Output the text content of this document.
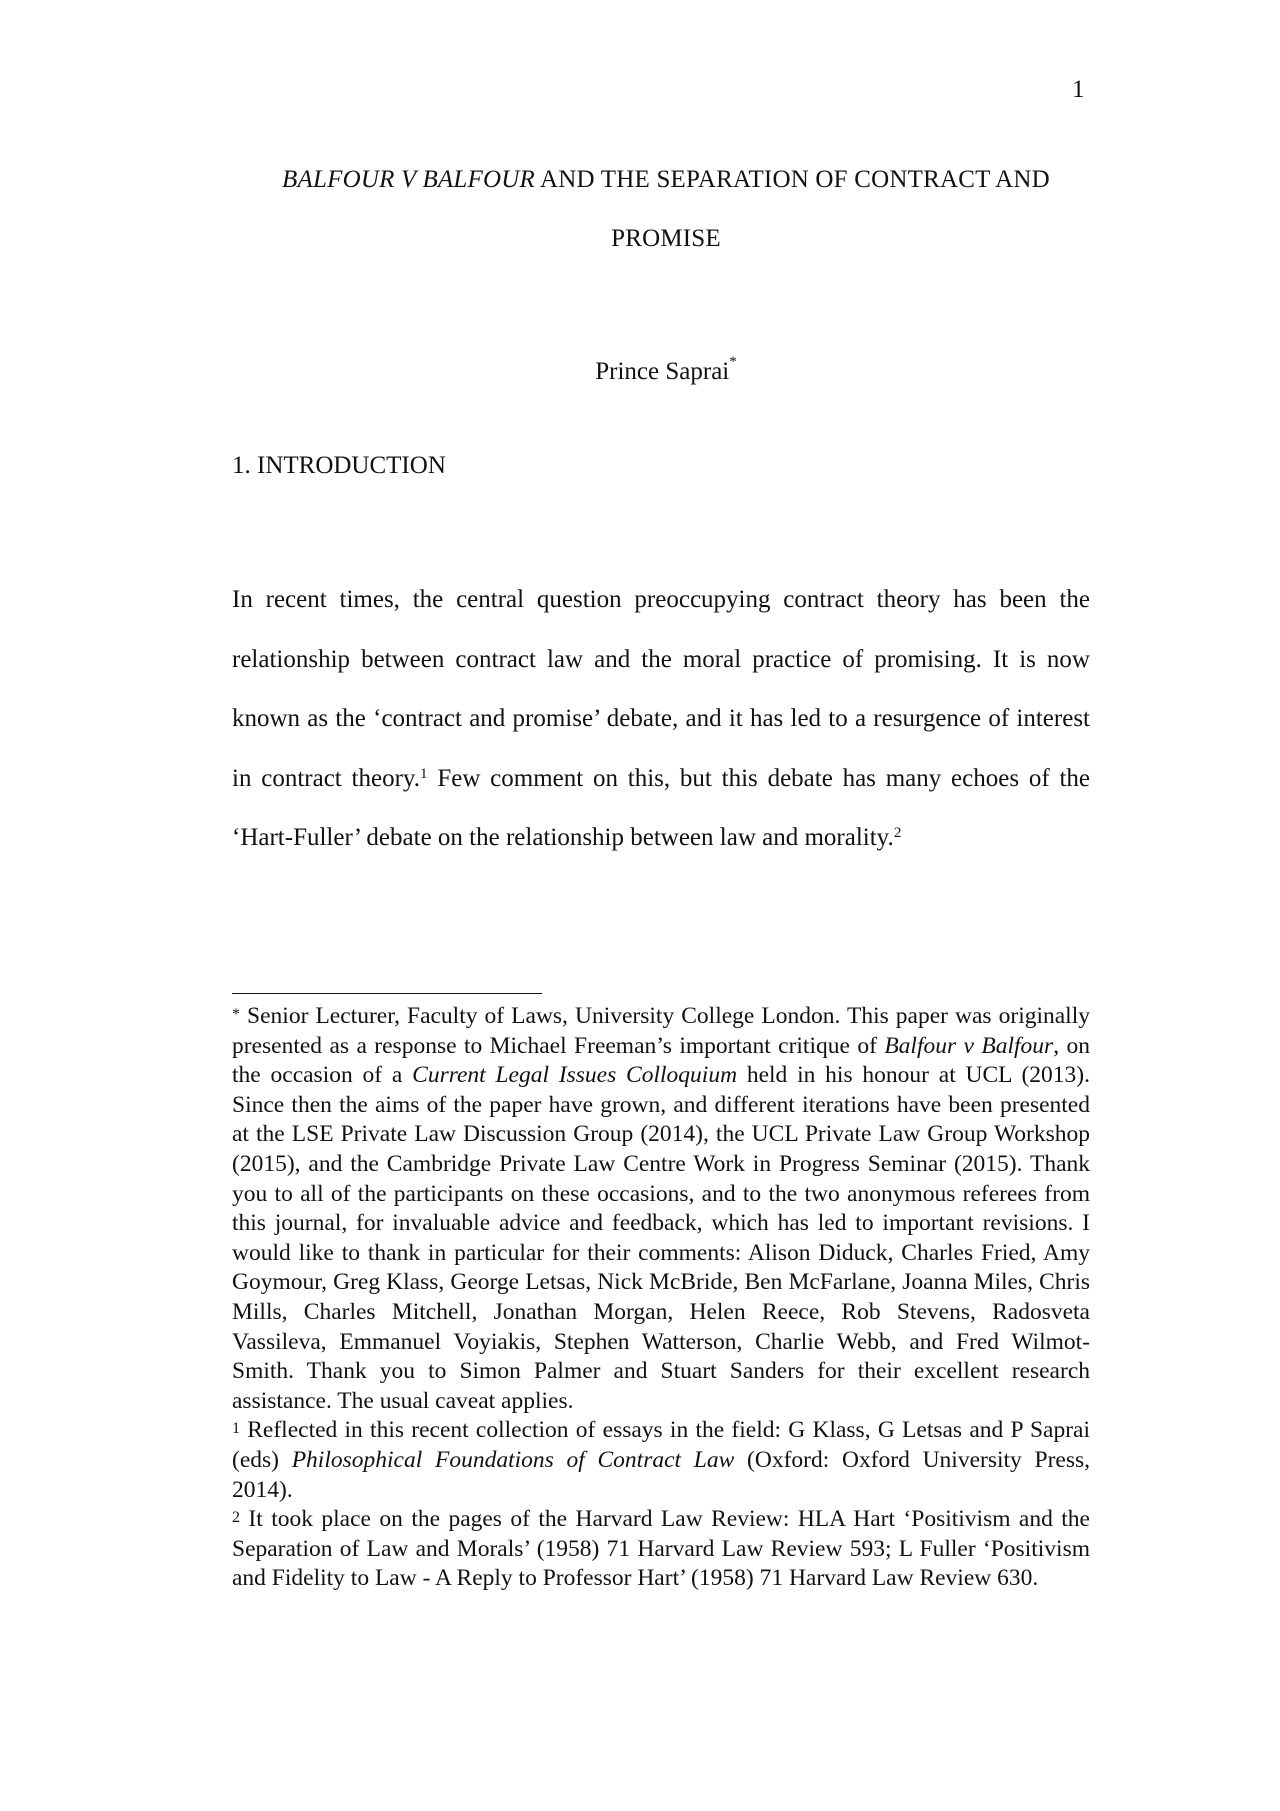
1
BALFOUR V BALFOUR AND THE SEPARATION OF CONTRACT AND PROMISE
Prince Saprai*
1. INTRODUCTION

In recent times, the central question preoccupying contract theory has been the relationship between contract law and the moral practice of promising. It is now known as the ‘contract and promise’ debate, and it has led to a resurgence of interest in contract theory.$^1$ Few comment on this, but this debate has many echoes of the ‘Hart-Fuller’ debate on the relationship between law and morality.$^2$

* Senior Lecturer, Faculty of Laws, University College London. This paper was originally presented as a response to Michael Freeman’s important critique of Balfour v Balfour, on the occasion of a Current Legal Issues Colloquium held in his honour at UCL (2013). Since then the aims of the paper have grown, and different iterations have been presented at the LSE Private Law Discussion Group (2014), the UCL Private Law Group Workshop (2015), and the Cambridge Private Law Centre Work in Progress Seminar (2015). Thank you to all of the participants on these occasions, and to the two anonymous referees from this journal, for invaluable advice and feedback, which has led to important revisions. I would like to thank in particular for their comments: Alison Diduck, Charles Fried, Amy Goymour, Greg Klass, George Letsas, Nick McBride, Ben McFarlane, Joanna Miles, Chris Mills, Charles Mitchell, Jonathan Morgan, Helen Reece, Rob Stevens, Radosveta Vassileva, Emmanuel Voyiakis, Stephen Watterson, Charlie Webb, and Fred Wilmot-Smith. Thank you to Simon Palmer and Stuart Sanders for their excellent research assistance. The usual caveat applies.

$^1$ Reflected in this recent collection of essays in the field: G Klass, G Letsas and P Saprai (eds) Philosophical Foundations of Contract Law (Oxford: Oxford University Press, 2014).

$^2$ It took place on the pages of the Harvard Law Review: HLA Hart ‘Positivism and the Separation of Law and Morals’ (1958) 71 Harvard Law Review 593; L Fuller ‘Positivism and Fidelity to Law - A Reply to Professor Hart’ (1958) 71 Harvard Law Review 630.
